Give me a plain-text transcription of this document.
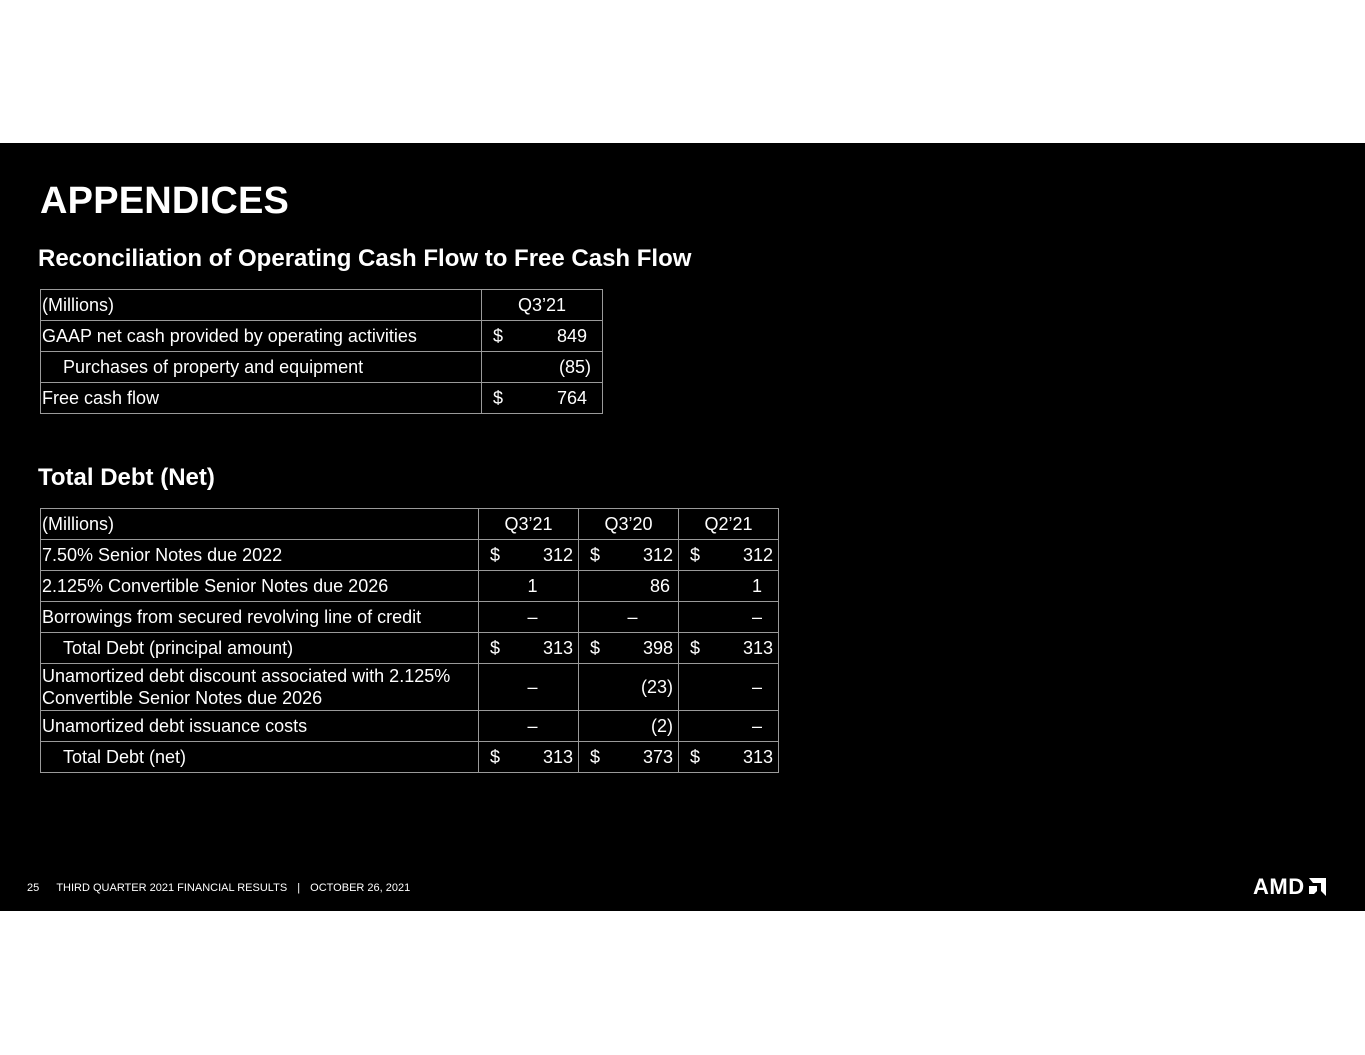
APPENDICES
Reconciliation of Operating Cash Flow to Free Cash Flow
(Millions)	Q3’21
GAAP net cash provided by operating activities	$ 849

Purchases of property and equipment	(85)

Free cash flow	$ 764
Total Debt (Net)
(Millions)	Q3’21	Q3’20	Q2’21
7.50% Senior Notes due 2022	$ 312	$ 312	$ 312

2.125% Convertible Senior Notes due 2026	1	86	1

Borrowings from secured revolving line of credit	–	–	–

Total Debt (principal amount)	$ 313	$ 398	$ 313

Unamortized debt discount associated with 2.125% Convertible Senior Notes due 2026	–	(23)	–

Unamortized debt issuance costs	–	(2)	–

Total Debt (net)	$ 313	$ 373	$ 313
25 THIRD QUARTER 2021 FINANCIAL RESULTS | OCTOBER 26, 2021	AMD
